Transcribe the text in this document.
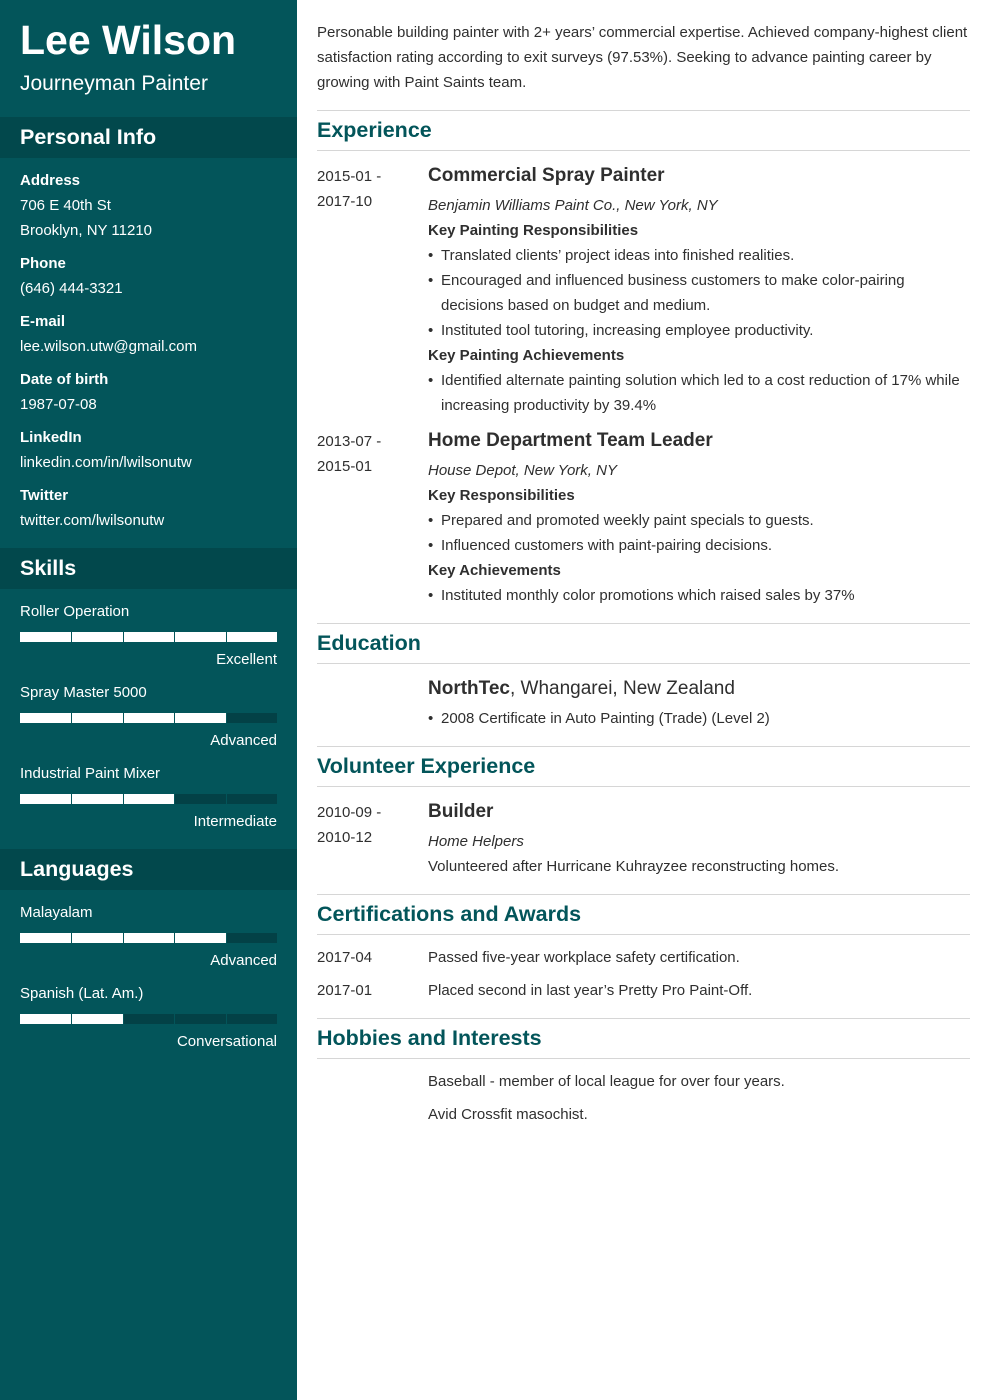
Lee Wilson
Journeyman Painter
Personal Info
Address
706 E 40th St
Brooklyn, NY 11210
Phone
(646) 444-3321
E-mail
lee.wilson.utw@gmail.com
Date of birth
1987-07-08
LinkedIn
linkedin.com/in/lwilsonutw
Twitter
twitter.com/lwilsonutw
Skills
Roller Operation
Excellent
Spray Master 5000
Advanced
Industrial Paint Mixer
Intermediate
Languages
Malayalam
Advanced
Spanish (Lat. Am.)
Conversational
Personable building painter with 2+ years’ commercial expertise. Achieved company-highest client satisfaction rating according to exit surveys (97.53%). Seeking to advance painting career by growing with Paint Saints team.
Experience
2015-01 -
2017-10
Commercial Spray Painter
Benjamin Williams Paint Co., New York, NY
Key Painting Responsibilities
• Translated clients’ project ideas into finished realities.
• Encouraged and influenced business customers to make color-pairing decisions based on budget and medium.
• Instituted tool tutoring, increasing employee productivity.
Key Painting Achievements
• Identified alternate painting solution which led to a cost reduction of 17% while increasing productivity by 39.4%
2013-07 -
2015-01
Home Department Team Leader
House Depot, New York, NY
Key Responsibilities
• Prepared and promoted weekly paint specials to guests.
• Influenced customers with paint-pairing decisions.
Key Achievements
• Instituted monthly color promotions which raised sales by 37%
Education
NorthTec, Whangarei, New Zealand
• 2008 Certificate in Auto Painting (Trade) (Level 2)
Volunteer Experience
2010-09 -
2010-12
Builder
Home Helpers
Volunteered after Hurricane Kuhrayzee reconstructing homes.
Certifications and Awards
2017-04	Passed five-year workplace safety certification.
2017-01	Placed second in last year’s Pretty Pro Paint-Off.
Hobbies and Interests
Baseball - member of local league for over four years.
Avid Crossfit masochist.
